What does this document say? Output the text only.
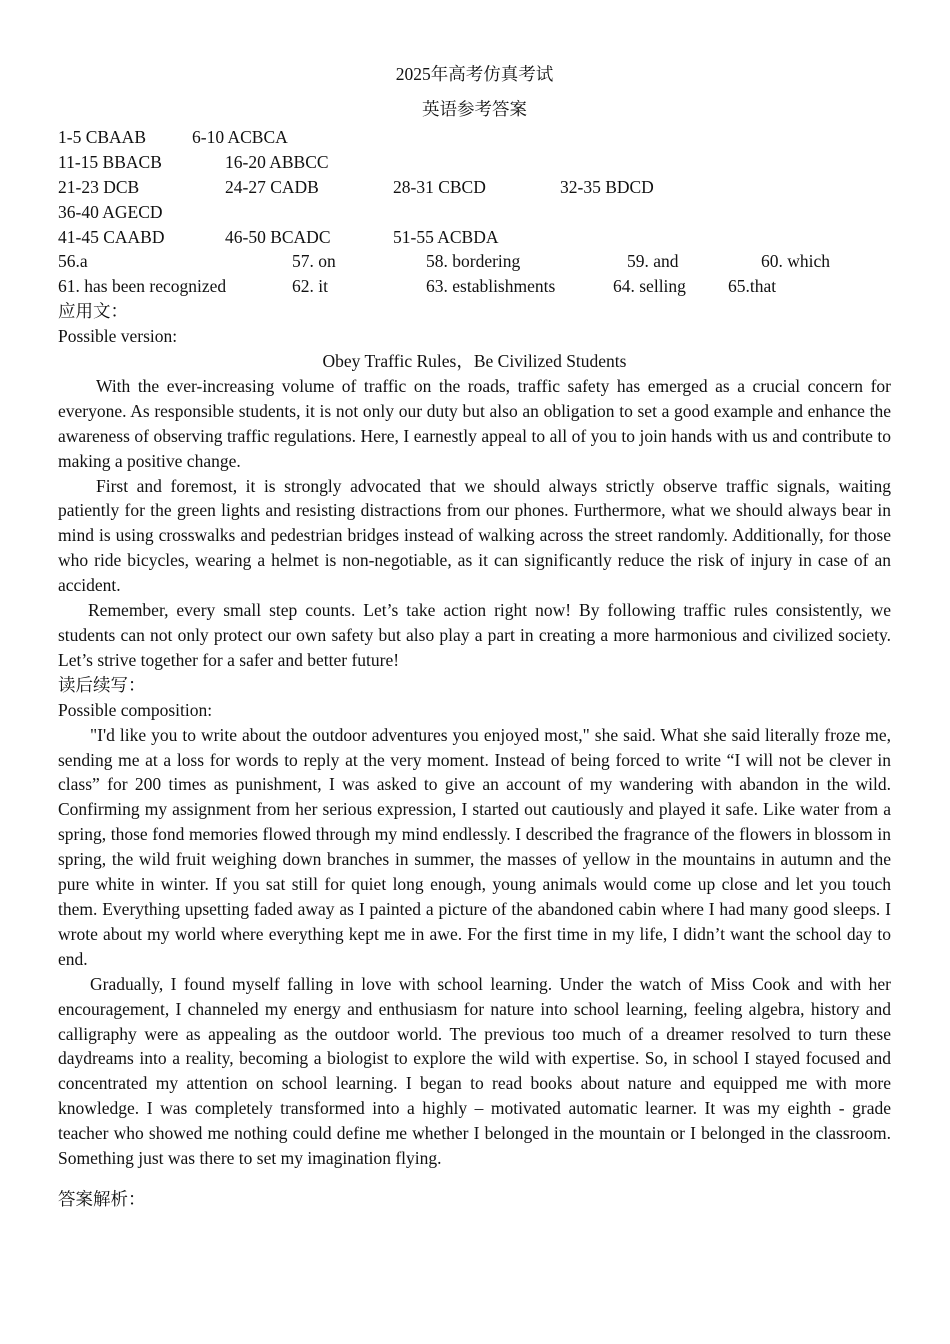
2025年高考仿真考试
英语参考答案
1-5 CBAAB	6-10 ACBCA
11-15 BBACB	16-20 ABBCC
21-23 DCB	24-27 CADB	28-31 CBCD	32-35 BDCD
36-40 AGECD
41-45 CAABD	46-50 BCADC	51-55 ACBDA
56.a	57. on	58. bordering	59. and	60. which
61. has been recognized	62. it	63. establishments	64. selling 65.that
应用文：
Possible version:
Obey Traffic Rules，Be Civilized Students

With the ever-increasing volume of traffic on the roads, traffic safety has emerged as a crucial concern for everyone. As responsible students, it is not only our duty but also an obligation to set a good example and enhance the awareness of observing traffic regulations. Here, I earnestly appeal to all of you to join hands with us and contribute to making a positive change.

First and foremost, it is strongly advocated that we should always strictly observe traffic signals, waiting patiently for the green lights and resisting distractions from our phones. Furthermore, what we should always bear in mind is using crosswalks and pedestrian bridges instead of walking across the street randomly. Additionally, for those who ride bicycles, wearing a helmet is non-negotiable, as it can significantly reduce the risk of injury in case of an accident.

Remember, every small step counts. Let’s take action right now! By following traffic rules consistently, we students can not only protect our own safety but also play a part in creating a more harmonious and civilized society. Let’s strive together for a safer and better future!

读后续写：
Possible composition:

"I'd like you to write about the outdoor adventures you enjoyed most," she said. What she said literally froze me, sending me at a loss for words to reply at the very moment. Instead of being forced to write “I will not be clever in class” for 200 times as punishment, I was asked to give an account of my wandering with abandon in the wild. Confirming my assignment from her serious expression, I started out cautiously and played it safe. Like water from a spring, those fond memories flowed through my mind endlessly. I described the fragrance of the flowers in blossom in spring, the wild fruit weighing down branches in summer, the masses of yellow in the mountains in autumn and the pure white in winter. If you sat still for quiet long enough, young animals would come up close and let you touch them. Everything upsetting faded away as I painted a picture of the abandoned cabin where I had many good sleeps. I wrote about my world where everything kept me in awe. For the first time in my life, I didn’t want the school day to end.

Gradually, I found myself falling in love with school learning. Under the watch of Miss Cook and with her encouragement, I channeled my energy and enthusiasm for nature into school learning, feeling algebra, history and calligraphy were as appealing as the outdoor world. The previous too much of a dreamer resolved to turn these daydreams into a reality, becoming a biologist to explore the wild with expertise. So, in school I stayed focused and concentrated my attention on school learning. I began to read books about nature and equipped me with more knowledge. I was completely transformed into a highly – motivated automatic learner. It was my eighth - grade teacher who showed me nothing could define me whether I belonged in the mountain or I belonged in the classroom. Something just was there to set my imagination flying.

答案解析：
